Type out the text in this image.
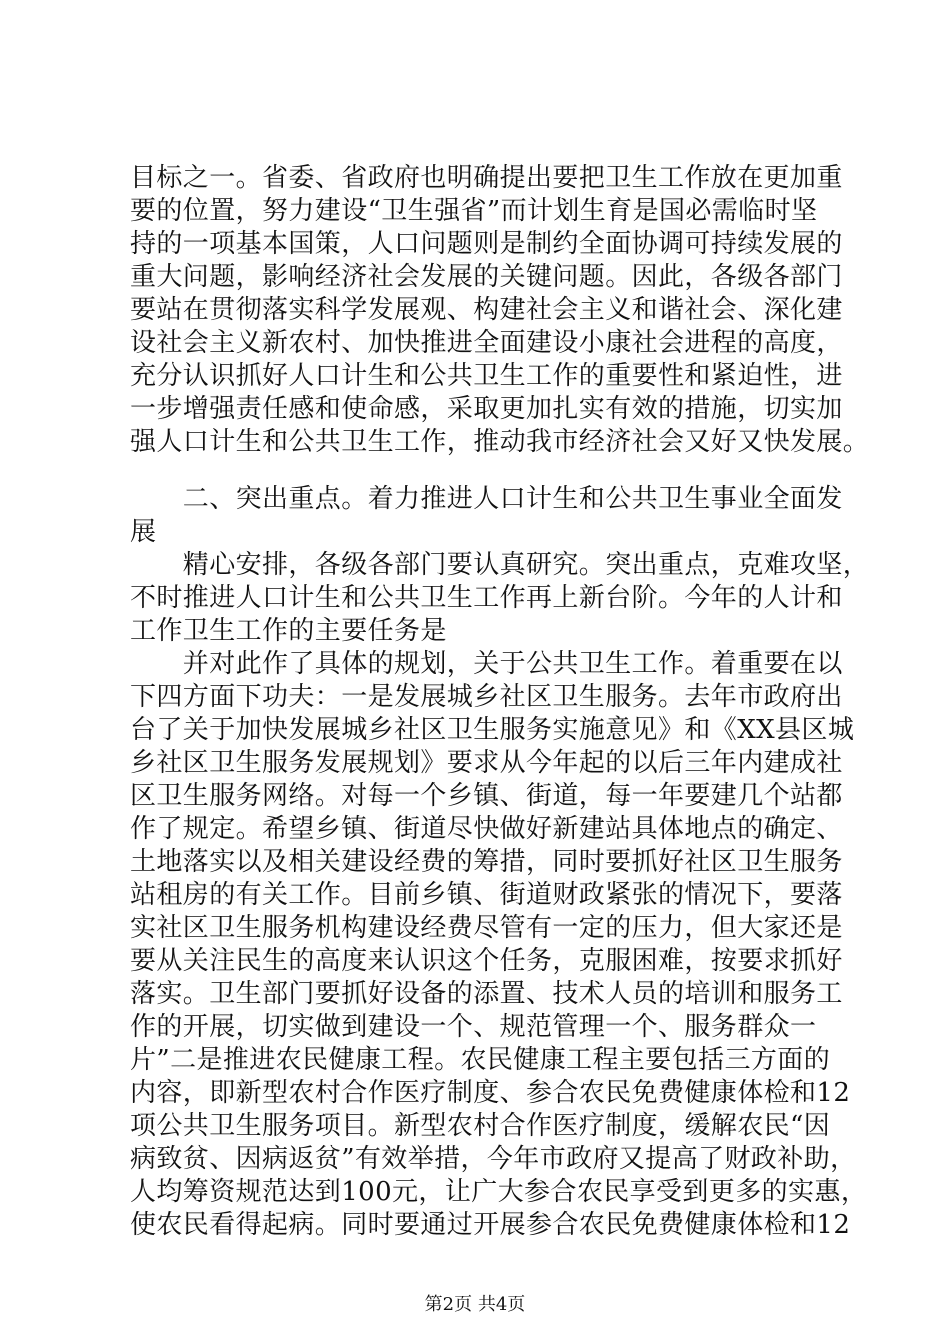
目标之一。省委、省政府也明确提出要把卫生工作放在更加重
要的位置，努力建设“卫生强省”而计划生育是国必需临时坚
持的一项基本国策，人口问题则是制约全面协调可持续发展的
重大问题，影响经济社会发展的关键问题。因此，各级各部门
要站在贯彻落实科学发展观、构建社会主义和谐社会、深化建
设社会主义新农村、加快推进全面建设小康社会进程的高度，
充分认识抓好人口计生和公共卫生工作的重要性和紧迫性，进
一步增强责任感和使命感，采取更加扎实有效的措施，切实加
强人口计生和公共卫生工作，推动我市经济社会又好又快发展。
　　二、突出重点。着力推进人口计生和公共卫生事业全面发
展
　　精心安排，各级各部门要认真研究。突出重点，克难攻坚，
不时推进人口计生和公共卫生工作再上新台阶。今年的人计和
工作卫生工作的主要任务是
　　并对此作了具体的规划，关于公共卫生工作。着重要在以
下四方面下功夫：一是发展城乡社区卫生服务。去年市政府出
台了关于加快发展城乡社区卫生服务实施意见》和《XX县区城
乡社区卫生服务发展规划》要求从今年起的以后三年内建成社
区卫生服务网络。对每一个乡镇、街道，每一年要建几个站都
作了规定。希望乡镇、街道尽快做好新建站具体地点的确定、
土地落实以及相关建设经费的筹措，同时要抓好社区卫生服务
站租房的有关工作。目前乡镇、街道财政紧张的情况下，要落
实社区卫生服务机构建设经费尽管有一定的压力，但大家还是
要从关注民生的高度来认识这个任务，克服困难，按要求抓好
落实。卫生部门要抓好设备的添置、技术人员的培训和服务工
作的开展，切实做到建设一个、规范管理一个、服务群众一
片”二是推进农民健康工程。农民健康工程主要包括三方面的
内容，即新型农村合作医疗制度、参合农民免费健康体检和12
项公共卫生服务项目。新型农村合作医疗制度，缓解农民“因
病致贫、因病返贫”有效举措，今年市政府又提高了财政补助，
人均筹资规范达到100元，让广大参合农民享受到更多的实惠，
使农民看得起病。同时要通过开展参合农民免费健康体检和12
第2页 共4页
